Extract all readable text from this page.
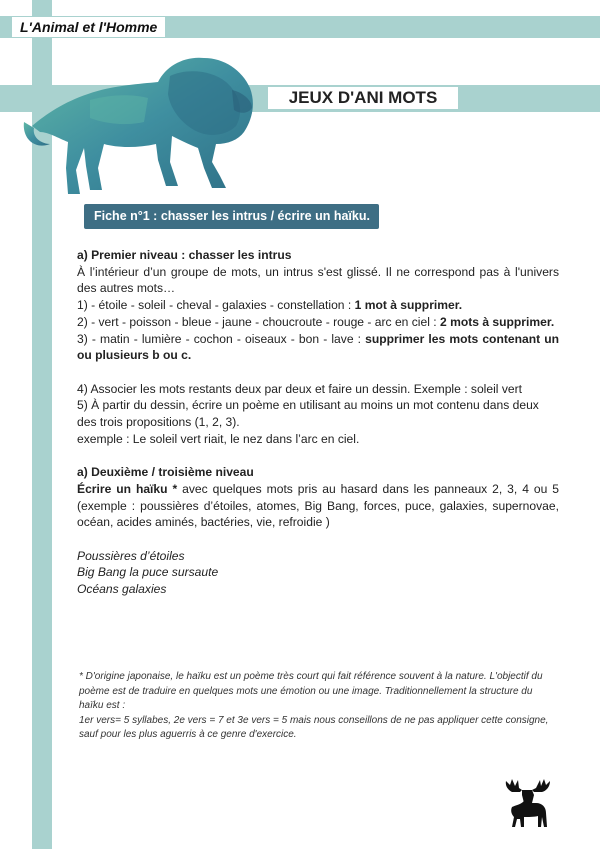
L'Animal et l'Homme
JEUX D'ANI MOTS
Fiche n°1 : chasser les intrus / écrire un haïku.

a) Premier niveau : chasser les intrus

À l’intérieur d’un groupe de mots, un intrus s'est glissé. Il ne correspond pas à l'univers des autres mots…

1) - étoile - soleil - cheval - galaxies - constellation : 1 mot à supprimer.

2) - vert - poisson - bleue - jaune - choucroute - rouge - arc en ciel : 2 mots à supprimer.

3) - matin - lumière - cochon - oiseaux - bon - lave : supprimer les mots contenant un ou plusieurs b ou c.

4) Associer les mots restants deux par deux et faire un dessin. Exemple : soleil vert

5) À partir du dessin, écrire un poème en utilisant au moins un mot contenu dans deux des trois propositions (1, 2, 3).

exemple : Le soleil vert riait, le nez dans l’arc en ciel.

a) Deuxième / troisième niveau

Écrire un haïku * avec quelques mots pris au hasard dans les panneaux 2, 3, 4 ou 5 (exemple : poussières d’étoiles, atomes, Big Bang, forces, puce, galaxies, supernovae, océan, acides aminés, bactéries, vie, refroidie )

Poussières d’étoiles

Big Bang la puce sursaute

Océans galaxies

* D'origine japonaise, le haïku est un poème très court qui fait référence souvent à la nature. L'objectif du poème est de traduire en quelques mots une émotion ou une image. Traditionnellement la structure du haïku est :

1er vers= 5 syllabes, 2e vers = 7 et 3e vers = 5 mais nous conseillons de ne pas appliquer cette consigne, sauf pour les plus aguerris à ce genre d'exercice.
